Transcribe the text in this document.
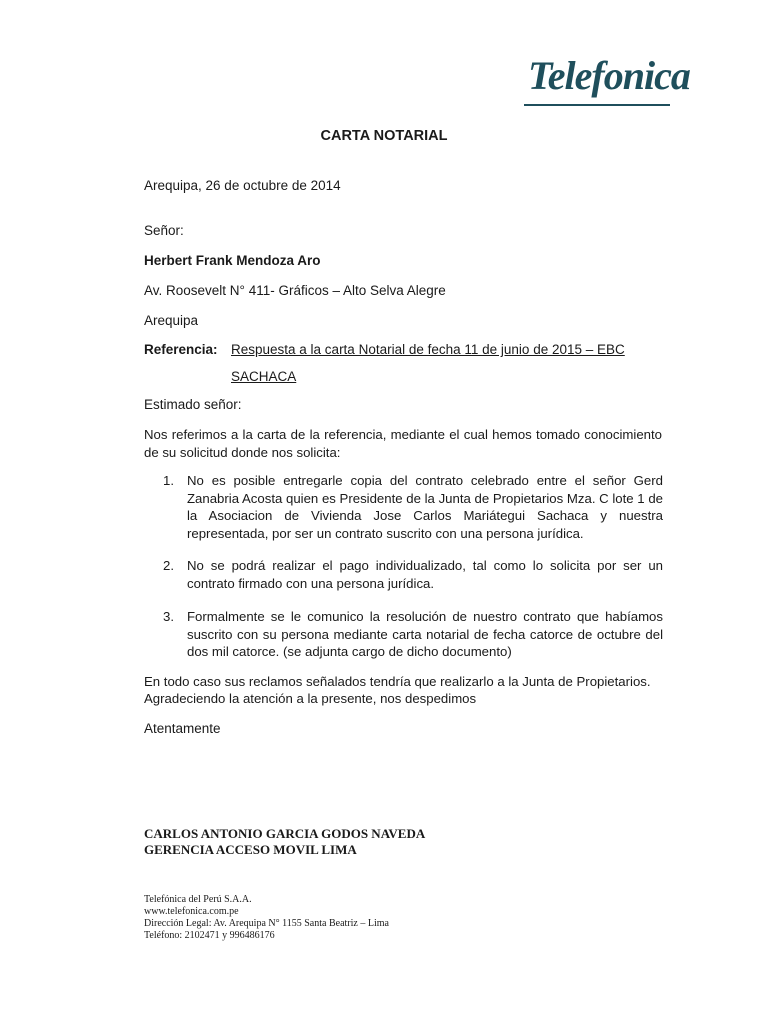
Telefonica
CARTA NOTARIAL
Arequipa, 26 de octubre de 2014
Señor:
Herbert Frank Mendoza Aro
Av. Roosevelt N° 411- Gráficos – Alto Selva Alegre
Arequipa
Referencia: Respuesta a la carta Notarial de fecha 11 de junio de 2015 – EBC
SACHACA
Estimado señor:
Nos referimos a la carta de la referencia, mediante el cual hemos tomado conocimiento de su solicitud donde nos solicita:
1. No es posible entregarle copia del contrato celebrado entre el señor Gerd Zanabria Acosta quien es Presidente de la Junta de Propietarios Mza. C lote 1 de la Asociacion de Vivienda Jose Carlos Mariátegui Sachaca y nuestra representada, por ser un contrato suscrito con una persona jurídica.
2. No se podrá realizar el pago individualizado, tal como lo solicita por ser un contrato firmado con una persona jurídica.
3. Formalmente se le comunico la resolución de nuestro contrato que habíamos suscrito con su persona mediante carta notarial de fecha catorce de octubre del dos mil catorce. (se adjunta cargo de dicho documento)
En todo caso sus reclamos señalados tendría que realizarlo a la Junta de Propietarios.
Agradeciendo la atención a la presente, nos despedimos
Atentamente
CARLOS ANTONIO GARCIA GODOS NAVEDA
GERENCIA ACCESO MOVIL LIMA
Telefónica del Perú S.A.A.
www.telefonica.com.pe
Dirección Legal: Av. Arequipa N° 1155 Santa Beatriz – Lima
Teléfono: 2102471 y 996486176
